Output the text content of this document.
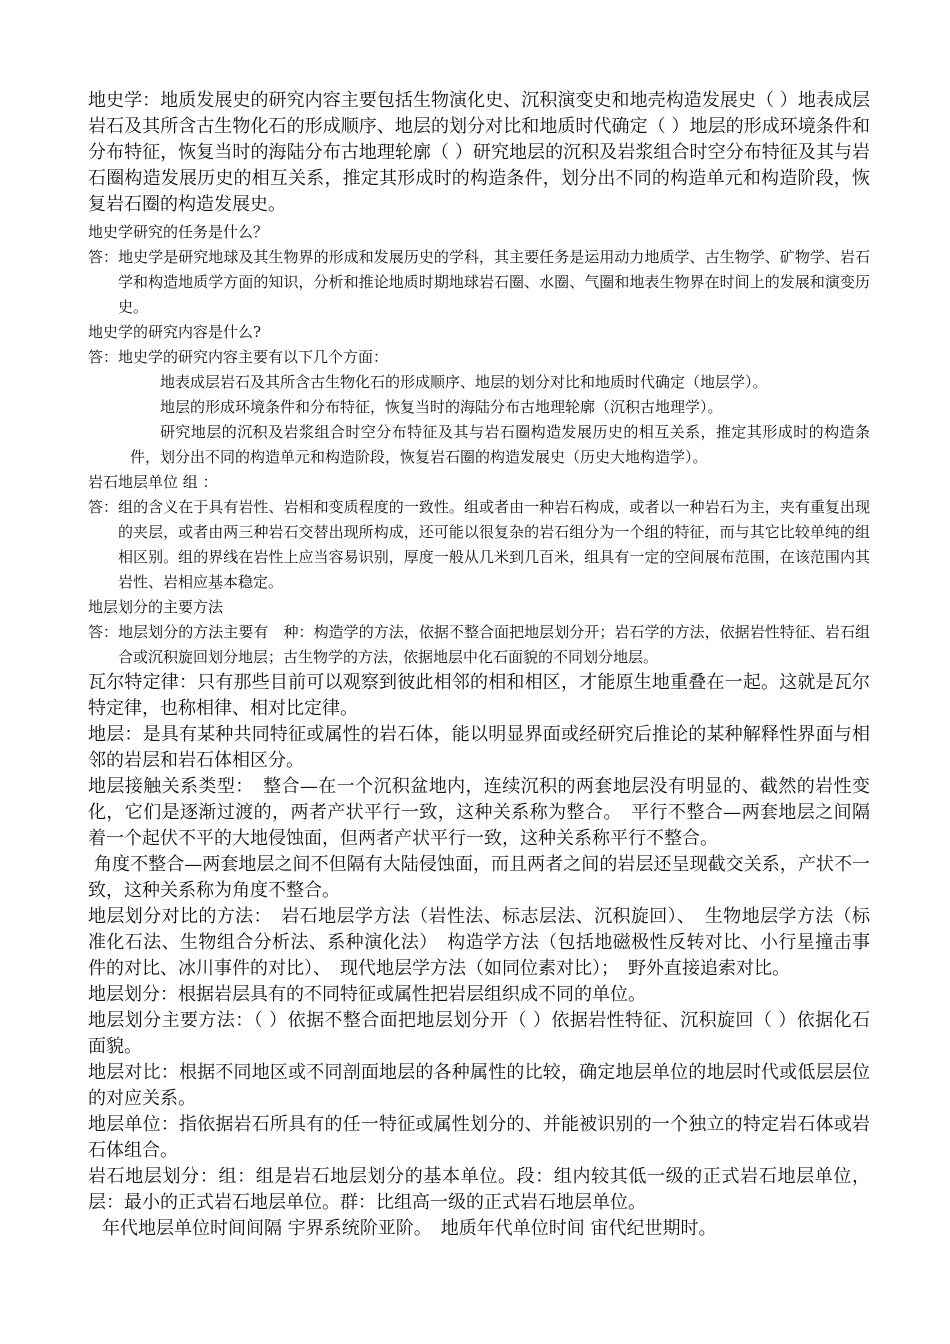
地史学：地质发展史的研究内容主要包括生物演化史、沉积演变史和地壳构造发展史（ ）地表成层岩石及其所含古生物化石的形成顺序、地层的划分对比和地质时代确定（ ）地层的形成环境条件和分布特征，恢复当时的海陆分布古地理轮廓（ ）研究地层的沉积及岩浆组合时空分布特征及其与岩石圈构造发展历史的相互关系，推定其形成时的构造条件，划分出不同的构造单元和构造阶段，恢复岩石圈的构造发展史。

地史学研究的任务是什么？

答：地史学是研究地球及其生物界的形成和发展历史的学科，其主要任务是运用动力地质学、古生物学、矿物学、岩石学和构造地质学方面的知识，分析和推论地质时期地球岩石圈、水圈、气圈和地表生物界在时间上的发展和演变历史。

地史学的研究内容是什么?

答：地史学的研究内容主要有以下几个方面：

地表成层岩石及其所含古生物化石的形成顺序、地层的划分对比和地质时代确定（地层学）。

地层的形成环境条件和分布特征，恢复当时的海陆分布古地理轮廓（沉积古地理学）。

研究地层的沉积及岩浆组合时空分布特征及其与岩石圈构造发展历史的相互关系，推定其形成时的构造条件，划分出不同的构造单元和构造阶段，恢复岩石圈的构造发展史（历史大地构造学）。

岩石地层单位 组 ：

答：组的含义在于具有岩性、岩相和变质程度的一致性。组或者由一种岩石构成，或者以一种岩石为主，夹有重复出现的夹层，或者由两三种岩石交替出现所构成，还可能以很复杂的岩石组分为一个组的特征，而与其它比较单纯的组相区别。组的界线在岩性上应当容易识别，厚度一般从几米到几百米，组具有一定的空间展布范围，在该范围内其岩性、岩相应基本稳定。

地层划分的主要方法

答：地层划分的方法主要有　种：构造学的方法，依据不整合面把地层划分开；岩石学的方法，依据岩性特征、岩石组合或沉积旋回划分地层；古生物学的方法，依据地层中化石面貌的不同划分地层。

瓦尔特定律：只有那些目前可以观察到彼此相邻的相和相区，才能原生地重叠在一起。这就是瓦尔特定律，也称相律、相对比定律。

地层：是具有某种共同特征或属性的岩石体，能以明显界面或经研究后推论的某种解释性界面与相邻的岩层和岩石体相区分。

地层接触关系类型：　整合—在一个沉积盆地内，连续沉积的两套地层没有明显的、截然的岩性变化，它们是逐渐过渡的，两者产状平行一致，这种关系称为整合。　平行不整合—两套地层之间隔着一个起伏不平的大地侵蚀面，但两者产状平行一致，这种关系称平行不整合。

角度不整合—两套地层之间不但隔有大陆侵蚀面，而且两者之间的岩层还呈现截交关系，产状不一致，这种关系称为角度不整合。

地层划分对比的方法：　岩石地层学方法（岩性法、标志层法、沉积旋回）、　生物地层学方法（标准化石法、生物组合分析法、系种演化法）　构造学方法（包括地磁极性反转对比、小行星撞击事件的对比、冰川事件的对比）、　现代地层学方法（如同位素对比）；　野外直接追索对比。

地层划分：根据岩层具有的不同特征或属性把岩层组织成不同的单位。

地层划分主要方法：（ ）依据不整合面把地层划分开（ ）依据岩性特征、沉积旋回（ ）依据化石面貌。

地层对比：根据不同地区或不同剖面地层的各种属性的比较，确定地层单位的地层时代或低层层位的对应关系。

地层单位：指依据岩石所具有的任一特征或属性划分的、并能被识别的一个独立的特定岩石体或岩石体组合。

岩石地层划分：组：组是岩石地层划分的基本单位。段：组内较其低一级的正式岩石地层单位，层：最小的正式岩石地层单位。群：比组高一级的正式岩石地层单位。

年代地层单位时间间隔 宇界系统阶亚阶。　地质年代单位时间 宙代纪世期时。
